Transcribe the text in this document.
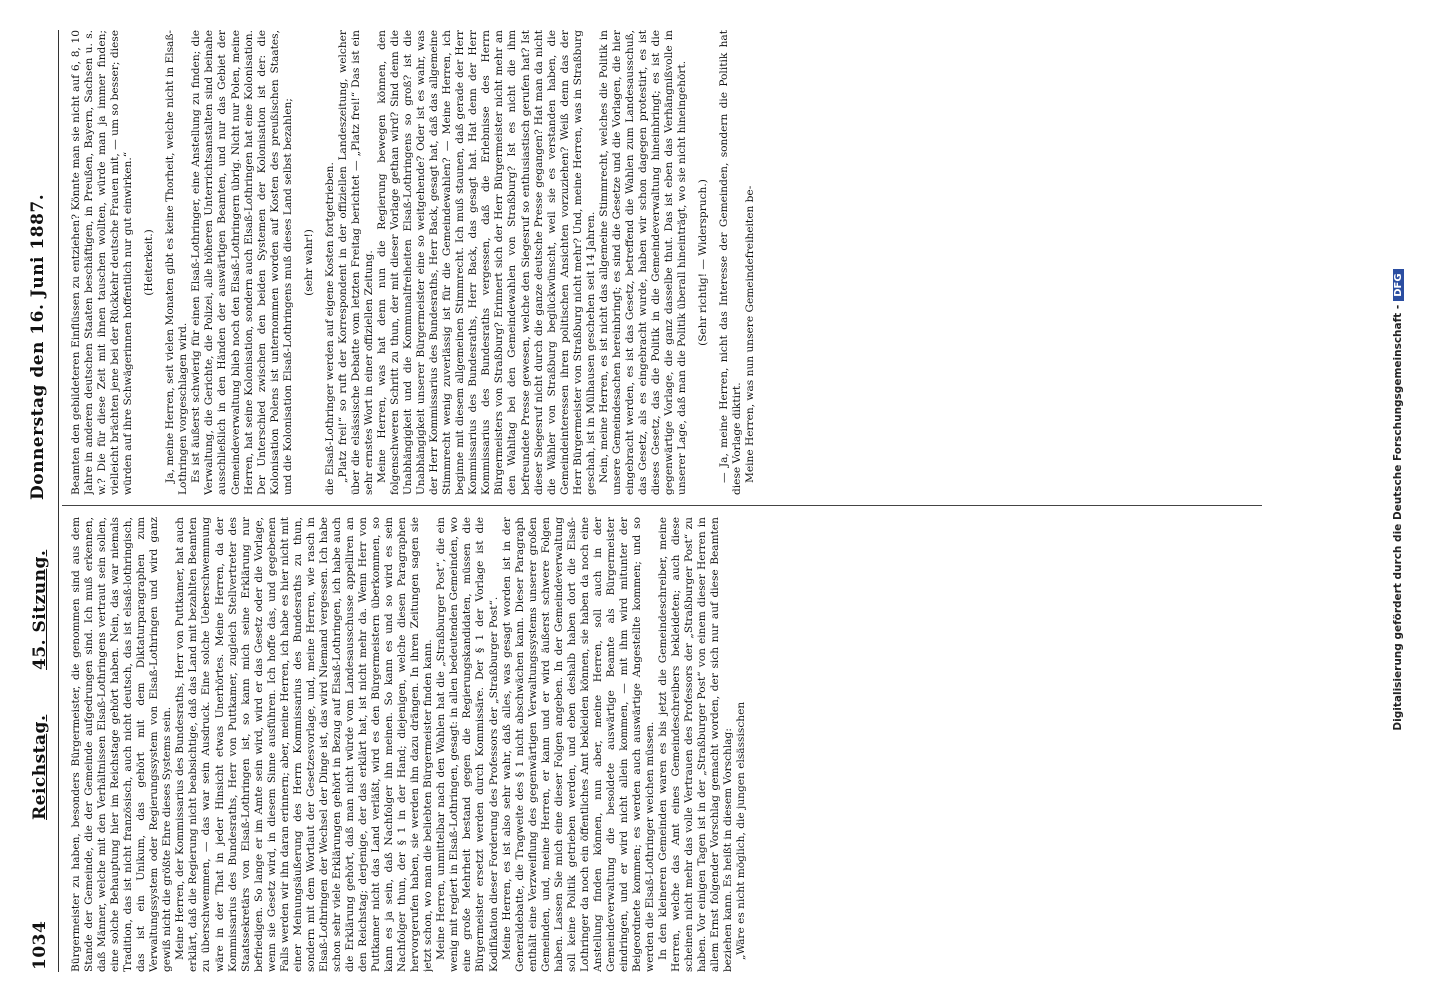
1034
Reichstag.
45. Sitzung.
Donnerstag den 16. Juni 1887.

Bürgermeister zu haben, besonders Bürgermeister, die genommen sind aus dem Stande der Gemeinde, die der Gemeinde aufgedrungen sind. Ich muß erkennen, daß Männer, welche mit den Verhältnissen Elsaß-Lothringens vertraut sein sollen, eine solche Behauptung hier im Reichstage gehört haben. Nein, das war niemals Tradition, das ist nicht französisch, auch nicht deutsch, das ist elsaß-lothringisch, das ist ein Unikum, das gehört mit dem Diktaturparagraphen zum Verwaltungssystem oder Regierungssystem von Elsaß-Lothringen und wird ganz gewiß nicht die größte Ehre dieses Systems sein. Meine Herren, der Kommissarius des Bundesraths, Herr von Puttkamer, hat auch erklärt, daß die Regierung nicht beabsichtige, daß das Land mit bezahlten Beamten zu überschwemmen, — das war sein Ausdruck. Eine solche Ueberschwemmung wäre in der That in jeder Hinsicht etwas Unerhörtes. Meine Herren, da der Kommissarius des Bundesraths, Herr von Puttkamer, zugleich Stellvertreter des Staatssekretärs von Elsaß-Lothringen ist, so kann mich seine Erklärung nur befriedigen. So lange er im Amte sein wird, wird er das Gesetz oder die Vorlage, wenn sie Gesetz wird, in diesem Sinne ausführen. Ich hoffe das, und gegebenen Falls werden wir ihn daran erinnern; aber, meine Herren, ich habe es hier nicht mit einer Meinungsäußerung des Herrn Kommissarius des Bundesraths zu thun, sondern mit dem Wortlaut der Gesetzesvorlage, und, meine Herren, wie rasch in Elsaß-Lothringen der Wechsel der Dinge ist, das wird Niemand vergessen. Ich habe schon sehr viele Erklärungen gehört in Bezug auf Elsaß-Lothringen, ich habe auch die Erklärung gehört, daß man nicht würde vom Landesausschusse appelliren an den Reichstag; derjenige, der das erklärt hat, ist nicht mehr da. Wenn Herr von Puttkamer nicht das Land verläßt, wird es den Bürgermeistern überkommen, so kann es ja sein, daß Nachfolger ihn meinen. So kann es und so wird es sein Nachfolger thun, der § 1 in der Hand; diejenigen, welche diesen Paragraphen hervorgerufen haben, sie werden ihn dazu drängen. In ihren Zeitungen sagen sie jetzt schon, wo man die beliebten Bürgermeister finden kann. Meine Herren, unmittelbar nach den Wahlen hat die „Straßburger Post“, die ein wenig mit regiert in Elsaß-Lothringen, gesagt: in allen bedeutenden Gemeinden, wo eine große Mehrheit bestand gegen die Regierungskandidaten, müssen die Bürgermeister ersetzt werden durch Kommissäre. Der § 1 der Vorlage ist die Kodifikation dieser Forderung des Professors der „Straßburger Post“. Meine Herren, es ist also sehr wahr, daß alles, was gesagt worden ist in der Generaldebatte, die Tragweite des § 1 nicht abschwächen kann. Dieser Paragraph enthält eine Verzweiflung des gegenwärtigen Verwaltungssystems unserer großen Gemeinden, und, meine Herren, er kann und er wird äußerst schwere Folgen haben. Lassen Sie mich eine dieser Folgen angeben. In der Gemeindeverwaltung soll keine Politik getrieben werden, und eben deshalb haben dort die Elsaß-Lothringer da noch ein öffentliches Amt bekleiden können, sie haben da noch eine Anstellung finden können, nun aber, meine Herren, soll auch in der Gemeindeverwaltung die besoldete auswärtige Beamte als Bürgermeister eindringen, und er wird nicht allein kommen, — mit ihm wird mitunter der Beigeordnete kommen; es werden auch auswärtige Angestellte kommen; und so werden die Elsaß-Lothringer weichen müssen. In den kleineren Gemeinden waren es bis jetzt die Gemeindeschreiber, meine Herren, welche das Amt eines Gemeindeschreibers bekleideten; auch diese scheinen nicht mehr das volle Vertrauen des Professors der „Straßburger Post“ zu haben. Vor einigen Tagen ist in der „Straßburger Post“ von einem dieser Herren in allem Ernst folgender Vorschlag gemacht worden, der sich nur auf diese Beamten beziehen kann. Es heißt in diesem Vorschlag: „Wäre es nicht möglich, die jungen elsässischen

Beamten den gebildeteren Einflüssen zu entziehen? Könnte man sie nicht auf 6, 8, 10 Jahre in anderen deutschen Staaten beschäftigen, in Preußen, Bayern, Sachsen u. s. w.? Die für diese Zeit mit ihnen tauschen wollten, würde man ja immer finden; vielleicht brächten jene bei der Rückkehr deutsche Frauen mit, — um so besser; diese würden auf ihre Schwägerinnen hoffentlich nur gut einwirken.“ (Heiterkeit.) Ja, meine Herren, seit vielen Monaten gibt es keine Thorheit, welche nicht in Elsaß-Lothringen vorgeschlagen wird. Es ist äußerst schwierig für einen Elsaß-Lothringer, eine Anstellung zu finden; die Verwaltung, die Gerichte, die Polizei, alle höheren Unterrichtsanstalten sind beinahe ausschließlich in den Händen der auswärtigen Beamten, und nur das Gebiet der Gemeindeverwaltung blieb noch den Elsaß-Lothringern übrig. Nicht nur Polen, meine Herren, hat seine Kolonisation, sondern auch Elsaß-Lothringen hat eine Kolonisation. Der Unterschied zwischen den beiden Systemen der Kolonisation ist der: die Kolonisation Polens ist unternommen worden auf Kosten des preußischen Staates, und die Kolonisation Elsaß-Lothringens muß dieses Land selbst bezahlen; (sehr wahr!) die Elsaß-Lothringer werden auf eigene Kosten fortgetrieben. „Platz frei!“ so ruft der Korrespondent in der offiziellen Landeszeitung, welcher über die elsässische Debatte vom letzten Freitag berichtet — „Platz frei!“ Das ist ein sehr ernstes Wort in einer offiziellen Zeitung. Meine Herren, was hat denn nun die Regierung bewegen können, den folgenschweren Schritt zu thun, der mit dieser Vorlage gethan wird? Sind denn die Unabhängigkeit und die Kommunalfreiheiten Elsaß-Lothringens so groß? ist die Unabhängigkeit unserer Bürgermeister eine so weitgehende? Oder ist es wahr, was der Herr Kommissarius des Bundesraths, Herr Back, gesagt hat, daß das allgemeine Stimmrecht wenig zuverlässig ist für die Gemeindewahlen? — Meine Herren, ich beginne mit diesem allgemeinen Stimmrecht. Ich muß staunen, daß gerade der Herr Kommissarius des Bundesraths, Herr Back, das gesagt hat. Hat denn der Herr Kommissarius des Bundesraths vergessen, daß die Erlebnisse des Herrn Bürgermeisters von Straßburg? Erinnert sich der Herr Bürgermeister nicht mehr an den Wahltag bei den Gemeindewahlen von Straßburg? Ist es nicht die ihm befreundete Presse gewesen, welche den Siegesruf so enthusiastisch gerufen hat? Ist dieser Siegesruf nicht durch die ganze deutsche Presse gegangen? Hat man da nicht die Wähler von Straßburg beglückwünscht, weil sie es verstanden haben, die Gemeindeinteressen ihren politischen Ansichten vorzuziehen? Weiß denn das der Herr Bürgermeister von Straßburg nicht mehr? Und, meine Herren, was in Straßburg geschah, ist in Mülhausen geschehen seit 14 Jahren. Nein, meine Herren, es ist nicht das allgemeine Stimmrecht, welches die Politik in unsere Gemeindesachen hereinbringt; es sind die Gesetze und die Vorlagen, die hier eingebracht werden, es ist das Gesetz, betreffend die Wahlen zum Landesausschuß, das Gesetz, als es eingebracht wurde, haben wir schon dagegen protestirt, es ist dieses Gesetz, das die Politik in die Gemeindeverwaltung hineinbringt; es ist die gegenwärtige Vorlage, die ganz dasselbe thut. Das ist eben das Verhängnißvolle in unserer Lage, daß man die Politik überall hineinträgt, wo sie nicht hineingehört. (Sehr richtig! — Widerspruch.) — Ja, meine Herren, nicht das Interesse der Gemeinden, sondern die Politik hat diese Vorlage diktirt. Meine Herren, was nun unsere Gemeindefreiheiten be-	Digitalisierung gefördert durch die Deutsche Forschungsgemeinschaft -DFG
